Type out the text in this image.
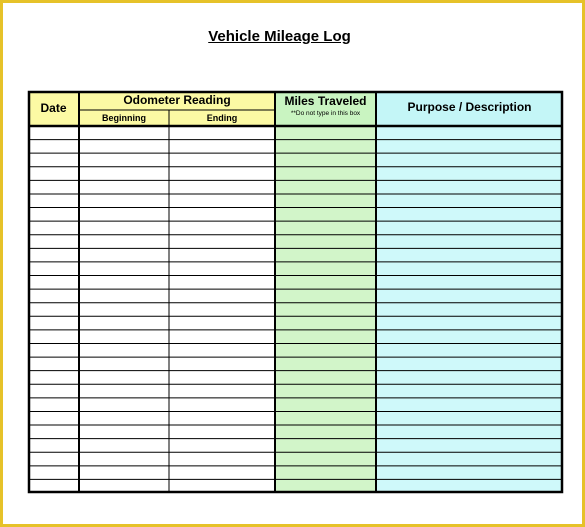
Vehicle Mileage Log
Date
Odometer Reading
Beginning	Ending
Miles Traveled
**Do not type in this box	Purpose / Description
